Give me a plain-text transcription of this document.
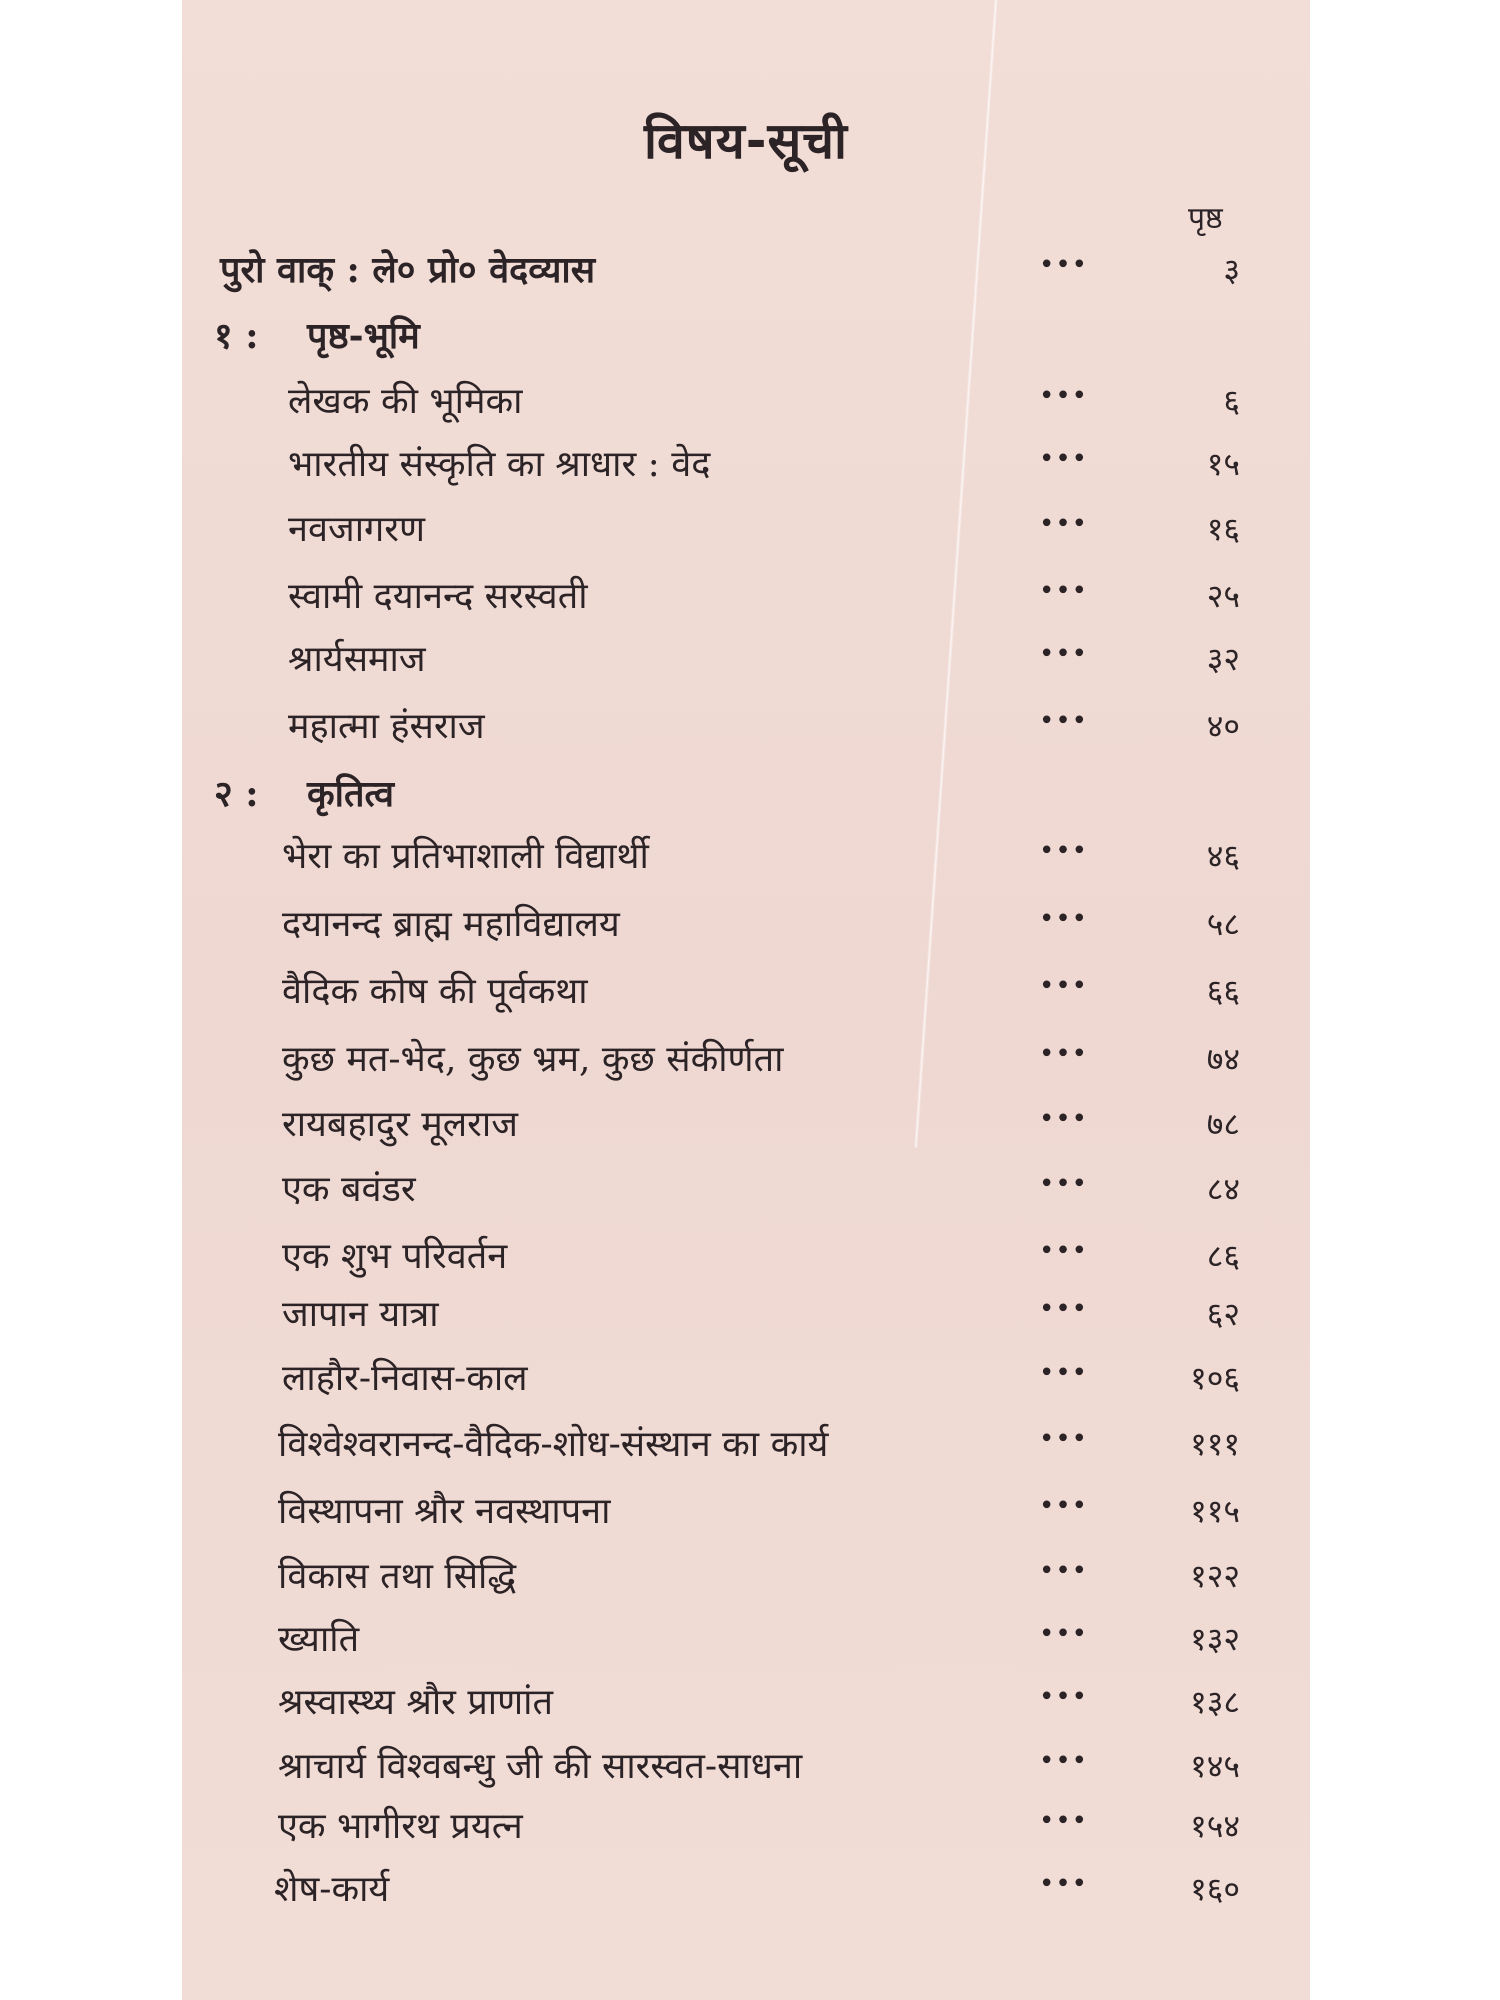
विषय-सूची
पृष्ठ
पुरो वाक् : ले० प्रो० वेदव्यास	•••	३
१ : पृष्ठ-भूमि
लेखक की भूमिका	•••	६
भारतीय संस्कृति का श्राधार : वेद	•••	१५
नवजागरण	•••	१६
स्वामी दयानन्द सरस्वती	•••	२५
श्रार्यसमाज	•••	३२
महात्मा हंसराज	•••	४०
२ : कृतित्व
भेरा का प्रतिभाशाली विद्यार्थी	•••	४६
दयानन्द ब्राह्म महाविद्यालय	•••	५८
वैदिक कोष की पूर्वकथा	•••	६६
कुछ मत-भेद, कुछ भ्रम, कुछ संकीर्णता	•••	७४
रायबहादुर मूलराज	•••	७८
एक बवंडर	•••	८४
एक शुभ परिवर्तन	•••	८६
जापान यात्रा	•••	६२
लाहौर-निवास-काल	•••	१०६
विश्वेश्वरानन्द-वैदिक-शोध-संस्थान का कार्य	•••	१११
विस्थापना श्रौर नवस्थापना	•••	११५
विकास तथा सिद्धि	•••	१२२
ख्याति	•••	१३२
श्रस्वास्थ्य श्रौर प्राणांत	•••	१३८
श्राचार्य विश्वबन्धु जी की सारस्वत-साधना	•••	१४५
एक भागीरथ प्रयत्न	•••	१५४
शेष-कार्य	•••	१६०
